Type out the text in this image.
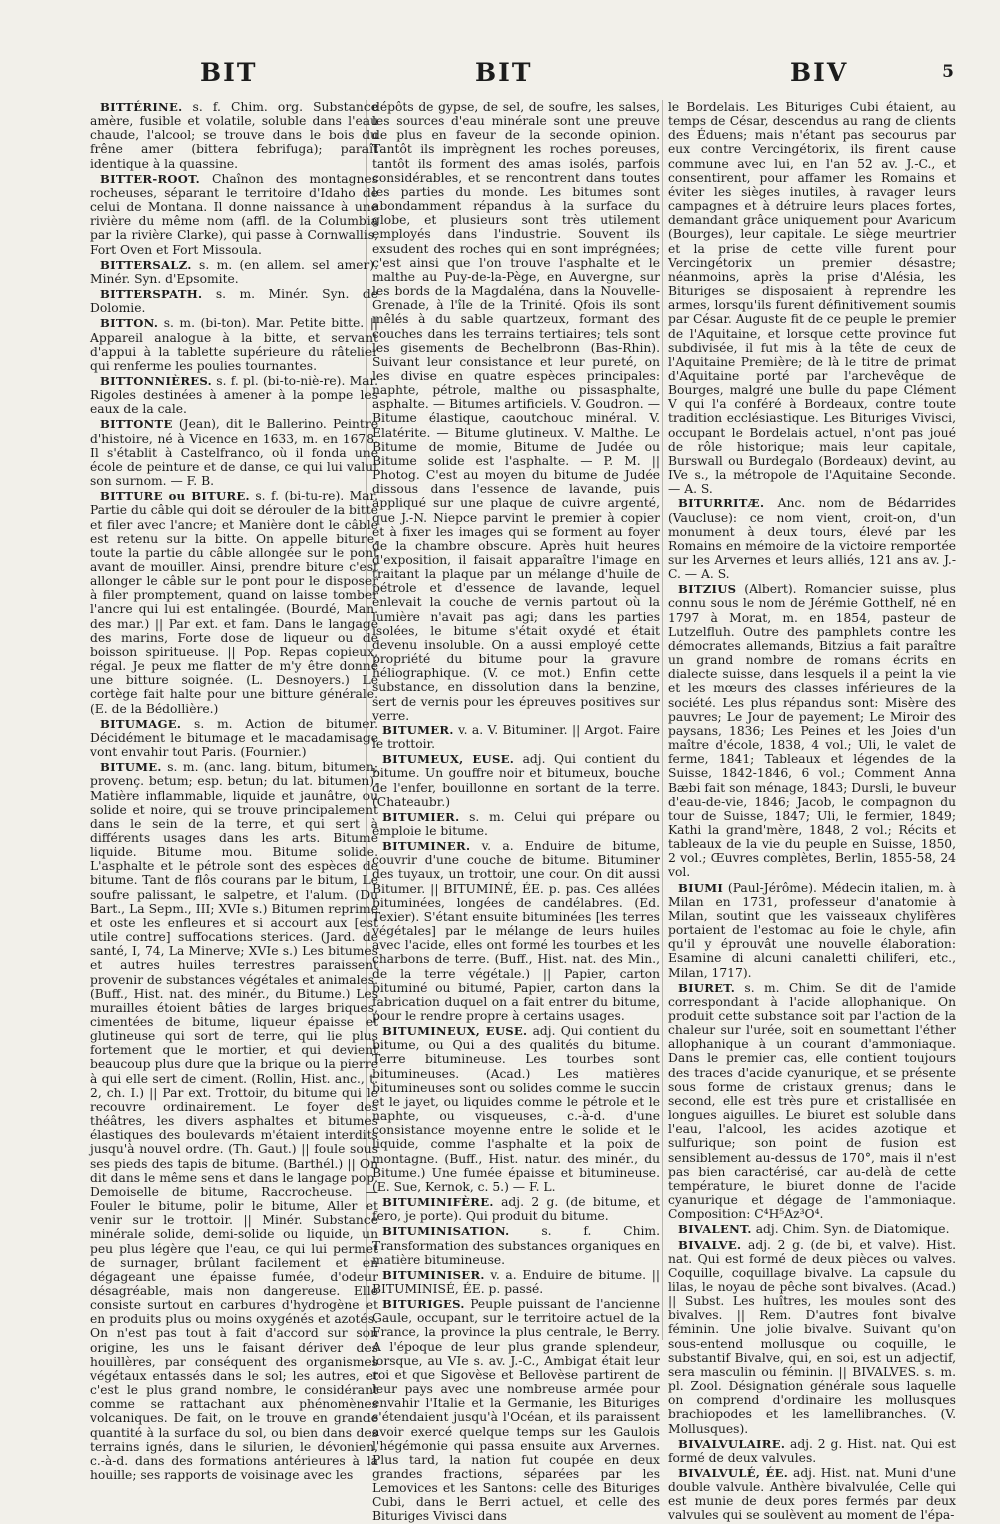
BIT	BIT	BIV	5

BITTÉRINE. s. f. Chim. org. Substance amère, fusible et volatile, soluble dans l'eau chaude, l'alcool; se trouve dans le bois du frêne amer (bittera febrifuga); paraît identique à la quassine.

BITTER-ROOT. Chaînon des montagnes rocheuses, séparant le territoire d'Idaho de celui de Montana. Il donne naissance à une rivière du même nom (affl. de la Columbia par la rivière Clarke), qui passe à Cornwallis, Fort Oven et Fort Missoula.

BITTERSALZ. s. m. (en allem. sel amer). Minér. Syn. d'Epsomite.

BITTERSPATH. s. m. Minér. Syn. de Dolomie.

BITTON. s. m. (bi-ton). Mar. Petite bitte. || Appareil analogue à la bitte, et servant d'appui à la tablette supérieure du râtelier qui renferme les poulies tournantes.

BITTONNIÈRES. s. f. pl. (bi-to-niè-re). Mar. Rigoles destinées à amener à la pompe les eaux de la cale.

BITTONTE (Jean), dit le Ballerino. Peintre d'histoire, né à Vicence en 1633, m. en 1678. Il s'établit à Castelfranco, où il fonda une école de peinture et de danse, ce qui lui valut son surnom. — F. B.

BITTURE ou BITURE. s. f. (bi-tu-re). Mar. Partie du câble qui doit se dérouler de la bitte et filer avec l'ancre; et Manière dont le câble est retenu sur la bitte. On appelle biture, toute la partie du câble allongée sur le pont avant de mouiller. Ainsi, prendre biture c'est allonger le câble sur le pont pour le disposer à filer promptement, quand on laisse tomber l'ancre qui lui est entalingée. (Bourdé, Man. des mar.) || Par ext. et fam. Dans le langage des marins, Forte dose de liqueur ou de boisson spiritueuse. || Pop. Repas copieux, régal. Je peux me flatter de m'y être donné une bitture soignée. (L. Desnoyers.) Le cortège fait halte pour une bitture générale. (E. de la Bédollière.)

BITUMAGE. s. m. Action de bitumer. Décidément le bitumage et le macadamisage vont envahir tout Paris. (Fournier.)

BITUME. s. m. (anc. lang. bitum, bitumen; provenç. betum; esp. betun; du lat. bitumen). Matière inflammable, liquide et jaunâtre, ou solide et noire, qui se trouve principalement dans le sein de la terre, et qui sert à différents usages dans les arts. Bitume liquide. Bitume mou. Bitume solide. L'asphalte et le pétrole sont des espèces de bitume. Tant de flôs courans par le bitum, Le soufre palissant, le salpetre, et l'alum. (Du Bart., La Sepm., III; XVIe s.) Bitumen reprime et oste les enfleures et si accourt aux [est utile contre] suffocations sterices. (Jard. de santé, I, 74, La Minerve; XVIe s.) Les bitumes et autres huiles terrestres paraissent provenir de substances végétales et animales. (Buff., Hist. nat. des minér., du Bitume.) Les murailles étoient bâties de larges briques, cimentées de bitume, liqueur épaisse et glutineuse qui sort de terre, qui lie plus fortement que le mortier, et qui devient beaucoup plus dure que la brique ou la pierre à qui elle sert de ciment. (Rollin, Hist. anc., t. 2, ch. I.) || Par ext. Trottoir, du bitume qui le recouvre ordinairement. Le foyer des théâtres, les divers asphaltes et bitumes élastiques des boulevards m'étaient interdits jusqu'à nouvel ordre. (Th. Gaut.) || foule sous ses pieds des tapis de bitume. (Barthél.) || On dit dans le même sens et dans le langage pop. Demoiselle de bitume, Raccrocheuse. — Fouler le bitume, polir le bitume, Aller et venir sur le trottoir. || Minér. Substance minérale solide, demi-solide ou liquide, un peu plus légère que l'eau, ce qui lui permet de surnager, brûlant facilement et en dégageant une épaisse fumée, d'odeur désagréable, mais non dangereuse. Elle consiste surtout en carbures d'hydrogène et en produits plus ou moins oxygénés et azotés. On n'est pas tout à fait d'accord sur son origine, les uns le faisant dériver des houillères, par conséquent des organismes végétaux entassés dans le sol; les autres, et c'est le plus grand nombre, le considérant comme se rattachant aux phénomènes volcaniques. De fait, on le trouve en grande quantité à la surface du sol, ou bien dans des terrains ignés, dans le silurien, le dévonien, c.-à-d. dans des formations antérieures à la houille; ses rapports de voisinage avec les

dépôts de gypse, de sel, de soufre, les salses, les sources d'eau minérale sont une preuve de plus en faveur de la seconde opinion. Tantôt ils imprègnent les roches poreuses, tantôt ils forment des amas isolés, parfois considérables, et se rencontrent dans toutes les parties du monde. Les bitumes sont abondamment répandus à la surface du globe, et plusieurs sont très utilement employés dans l'industrie. Souvent ils exsudent des roches qui en sont imprégnées; c'est ainsi que l'on trouve l'asphalte et le malthe au Puy-de-la-Pège, en Auvergne, sur les bords de la Magdaléna, dans la Nouvelle-Grenade, à l'île de la Trinité. Qfois ils sont mêlés à du sable quartzeux, formant des couches dans les terrains tertiaires; tels sont les gisements de Bechelbronn (Bas-Rhin). Suivant leur consistance et leur pureté, on les divise en quatre espèces principales: naphte, pétrole, malthe ou pissasphalte, asphalte. — Bitumes artificiels. V. Goudron. — Bitume élastique, caoutchouc minéral. V. Élatérite. — Bitume glutineux. V. Malthe. Le Bitume de momie, Bitume de Judée ou Bitume solide est l'asphalte. — P. M. || Photog. C'est au moyen du bitume de Judée dissous dans l'essence de lavande, puis appliqué sur une plaque de cuivre argenté, que J.-N. Niepce parvint le premier à copier et à fixer les images qui se forment au foyer de la chambre obscure. Après huit heures d'exposition, il faisait apparaître l'image en traitant la plaque par un mélange d'huile de pétrole et d'essence de lavande, lequel enlevait la couche de vernis partout où la lumière n'avait pas agi; dans les parties isolées, le bitume s'était oxydé et était devenu insoluble. On a aussi employé cette propriété du bitume pour la gravure héliographique. (V. ce mot.) Enfin cette substance, en dissolution dans la benzine, sert de vernis pour les épreuves positives sur verre.

BITUMER. v. a. V. Bituminer. || Argot. Faire le trottoir.

BITUMEUX, EUSE. adj. Qui contient du bitume. Un gouffre noir et bitumeux, bouche de l'enfer, bouillonne en sortant de la terre. (Chateaubr.)

BITUMIER. s. m. Celui qui prépare ou emploie le bitume.

BITUMINER. v. a. Enduire de bitume, couvrir d'une couche de bitume. Bituminer des tuyaux, un trottoir, une cour. On dit aussi Bitumer. || BITUMINÉ, ÉE. p. pas. Ces allées bituminées, longées de candélabres. (Ed. Texier). S'étant ensuite bituminées [les terres végétales] par le mélange de leurs huiles avec l'acide, elles ont formé les tourbes et les charbons de terre. (Buff., Hist. nat. des Min., de la terre végétale.) || Papier, carton bituminé ou bitumé, Papier, carton dans la fabrication duquel on a fait entrer du bitume, pour le rendre propre à certains usages.

BITUMINEUX, EUSE. adj. Qui contient du bitume, ou Qui a des qualités du bitume. Terre bitumineuse. Les tourbes sont bitumineuses. (Acad.) Les matières bitumineuses sont ou solides comme le succin et le jayet, ou liquides comme le pétrole et le naphte, ou visqueuses, c.-à-d. d'une consistance moyenne entre le solide et le liquide, comme l'asphalte et la poix de montagne. (Buff., Hist. natur. des minér., du Bitume.) Une fumée épaisse et bitumineuse. (E. Sue, Kernok, c. 5.) — F. L.

BITUMINIFÈRE. adj. 2 g. (de bitume, et fero, je porte). Qui produit du bitume.

BITUMINISATION.	s. f. Chim. Transformation des substances organiques en matière bitumineuse.

BITUMINISER. v. a. Enduire de bitume. || BITUMINISÉ, ÉE. p. passé.

BITURIGES. Peuple puissant de l'ancienne Gaule, occupant, sur le territoire actuel de la France, la province la plus centrale, le Berry. A l'époque de leur plus grande splendeur, lorsque, au VIe s. av. J.-C., Ambigat était leur roi et que Sigovèse et Bellovèse partirent de leur pays avec une nombreuse armée pour envahir l'Italie et la Germanie, les Bituriges s'étendaient jusqu'à l'Océan, et ils paraissent avoir exercé quelque temps sur les Gaulois l'hégémonie qui passa ensuite aux Arvernes. Plus tard, la nation fut coupée en deux grandes fractions, séparées par les Lemovices et les Santons: celle des Bituriges Cubi, dans le Berri actuel, et celle des Bituriges Vivisci dans

le Bordelais. Les Bituriges Cubi étaient, au temps de César, descendus au rang de clients des Éduens; mais n'étant pas secourus par eux contre Vercingétorix, ils firent cause commune avec lui, en l'an 52 av. J.-C., et consentirent, pour affamer les Romains et éviter les sièges inutiles, à ravager leurs campagnes et à détruire leurs places fortes, demandant grâce uniquement pour Avaricum (Bourges), leur capitale. Le siège meurtrier et la prise de cette ville furent pour Vercingétorix un premier désastre; néanmoins, après la prise d'Alésia, les Bituriges se disposaient à reprendre les armes, lorsqu'ils furent définitivement soumis par César. Auguste fit de ce peuple le premier de l'Aquitaine, et lorsque cette province fut subdivisée, il fut mis à la tête de ceux de l'Aquitaine Première; de là le titre de primat d'Aquitaine porté par l'archevêque de Bourges, malgré une bulle du pape Clément V qui l'a conféré à Bordeaux, contre toute tradition ecclésiastique. Les Bituriges Vivisci, occupant le Bordelais actuel, n'ont pas joué de rôle historique; mais leur capitale, Burswall ou Burdegalo (Bordeaux) devint, au IVe s., la métropole de l'Aquitaine Seconde. — A. S.

BITURRITÆ. Anc. nom de Bédarrides (Vaucluse): ce nom vient, croit-on, d'un monument à deux tours, élevé par les Romains en mémoire de la victoire remportée sur les Arvernes et leurs alliés, 121 ans av. J.-C. — A. S.

BITZIUS (Albert). Romancier suisse, plus connu sous le nom de Jérémie Gotthelf, né en 1797 à Morat, m. en 1854, pasteur de Lutzelfluh. Outre des pamphlets contre les démocrates allemands, Bitzius a fait paraître un grand nombre de romans écrits en dialecte suisse, dans lesquels il a peint la vie et les mœurs des classes inférieures de la société. Les plus répandus sont: Misère des pauvres; Le Jour de payement; Le Miroir des paysans, 1836; Les Peines et les Joies d'un maître d'école, 1838, 4 vol.; Uli, le valet de ferme, 1841; Tableaux et légendes de la Suisse, 1842-1846, 6 vol.; Comment Anna Bæbi fait son ménage, 1843; Dursli, le buveur d'eau-de-vie, 1846; Jacob, le compagnon du tour de Suisse, 1847; Uli, le fermier, 1849; Kathi la grand'mère, 1848, 2 vol.; Récits et tableaux de la vie du peuple en Suisse, 1850, 2 vol.; Œuvres complètes, Berlin, 1855-58, 24 vol.

BIUMI (Paul-Jérôme). Médecin italien, m. à Milan en 1731, professeur d'anatomie à Milan, soutint que les vaisseaux chylifères portaient de l'estomac au foie le chyle, afin qu'il y éprouvât une nouvelle élaboration: Esamine di alcuni canaletti chiliferi, etc., Milan, 1717).

BIURET. s. m. Chim. Se dit de l'amide correspondant à l'acide allophanique. On produit cette substance soit par l'action de la chaleur sur l'urée, soit en soumettant l'éther allophanique à un courant d'ammoniaque. Dans le premier cas, elle contient toujours des traces d'acide cyanurique, et se présente sous forme de cristaux grenus; dans le second, elle est très pure et cristallisée en longues aiguilles. Le biuret est soluble dans l'eau, l'alcool, les acides azotique et sulfurique; son point de fusion est sensiblement au-dessus de 170°, mais il n'est pas bien caractérisé, car au-delà de cette température, le biuret donne de l'acide cyanurique et dégage de l'ammoniaque. Composition: C⁴H⁵Az³O⁴.

BIVALENT. adj. Chim. Syn. de Diatomique.

BIVALVE. adj. 2 g. (de bi, et valve). Hist. nat. Qui est formé de deux pièces ou valves. Coquille, coquillage bivalve. La capsule du lilas, le noyau de pêche sont bivalves. (Acad.) || Subst. Les huîtres, les moules sont des bivalves. || Rem. D'autres font bivalve féminin. Une jolie bivalve. Suivant qu'on sous-entend mollusque ou coquille, le substantif Bivalve, qui, en soi, est un adjectif, sera masculin ou féminin. || BIVALVES. s. m. pl. Zool. Désignation générale sous laquelle on comprend d'ordinaire les mollusques brachiopodes et les lamellibranches. (V. Mollusques).

BIVALVULAIRE. adj. 2 g. Hist. nat. Qui est formé de deux valvules.

BIVALVULÉ, ÉE. adj. Hist. nat. Muni d'une double valvule. Anthère bivalvulée, Celle qui est munie de deux pores fermés par deux valvules qui se soulèvent au moment de l'épa-
